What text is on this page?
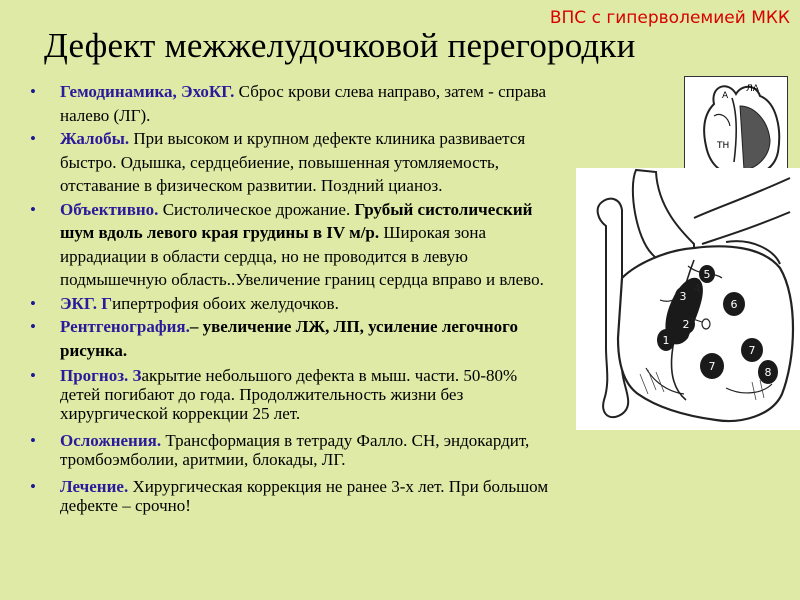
ВПС с гиперволемией МКК
Дефект межжелудочковой перегородки

• Гемодинамика, ЭхоКГ. Сброс крови слева направо, затем - справа налево (ЛГ).

• Жалобы. При высоком и крупном дефекте клиника развивается быстро. Одышка, сердцебиение, повышенная утомляемость, отставание в физическом развитии. Поздний цианоз.

• Объективно. Систолическое дрожание. Грубый систолический шум вдоль левого края грудины в IV м/р. Широкая зона иррадиации в области сердца, но не проводится в левую подмышечную область..Увеличение границ сердца вправо и влево.

• ЭКГ. Гипертрофия обоих желудочков.

• Рентгенография.– увеличение ЛЖ, ЛП, усиление легочного рисунка.

• Прогноз. Закрытие небольшого дефекта в мыш. части. 50-80% детей погибают до года. Продолжительность жизни без хирургической коррекции 25 лет.

• Осложнения. Трансформация в тетраду Фалло. СН, эндокардит, тромбоэмболии, аритмии, блокады, ЛГ.

• Лечение. Хирургическая коррекция не ранее 3-х лет. При большом дефекте – срочно!

А
ЛА
ТН
1
2
3
4
5
6
7
7
8
